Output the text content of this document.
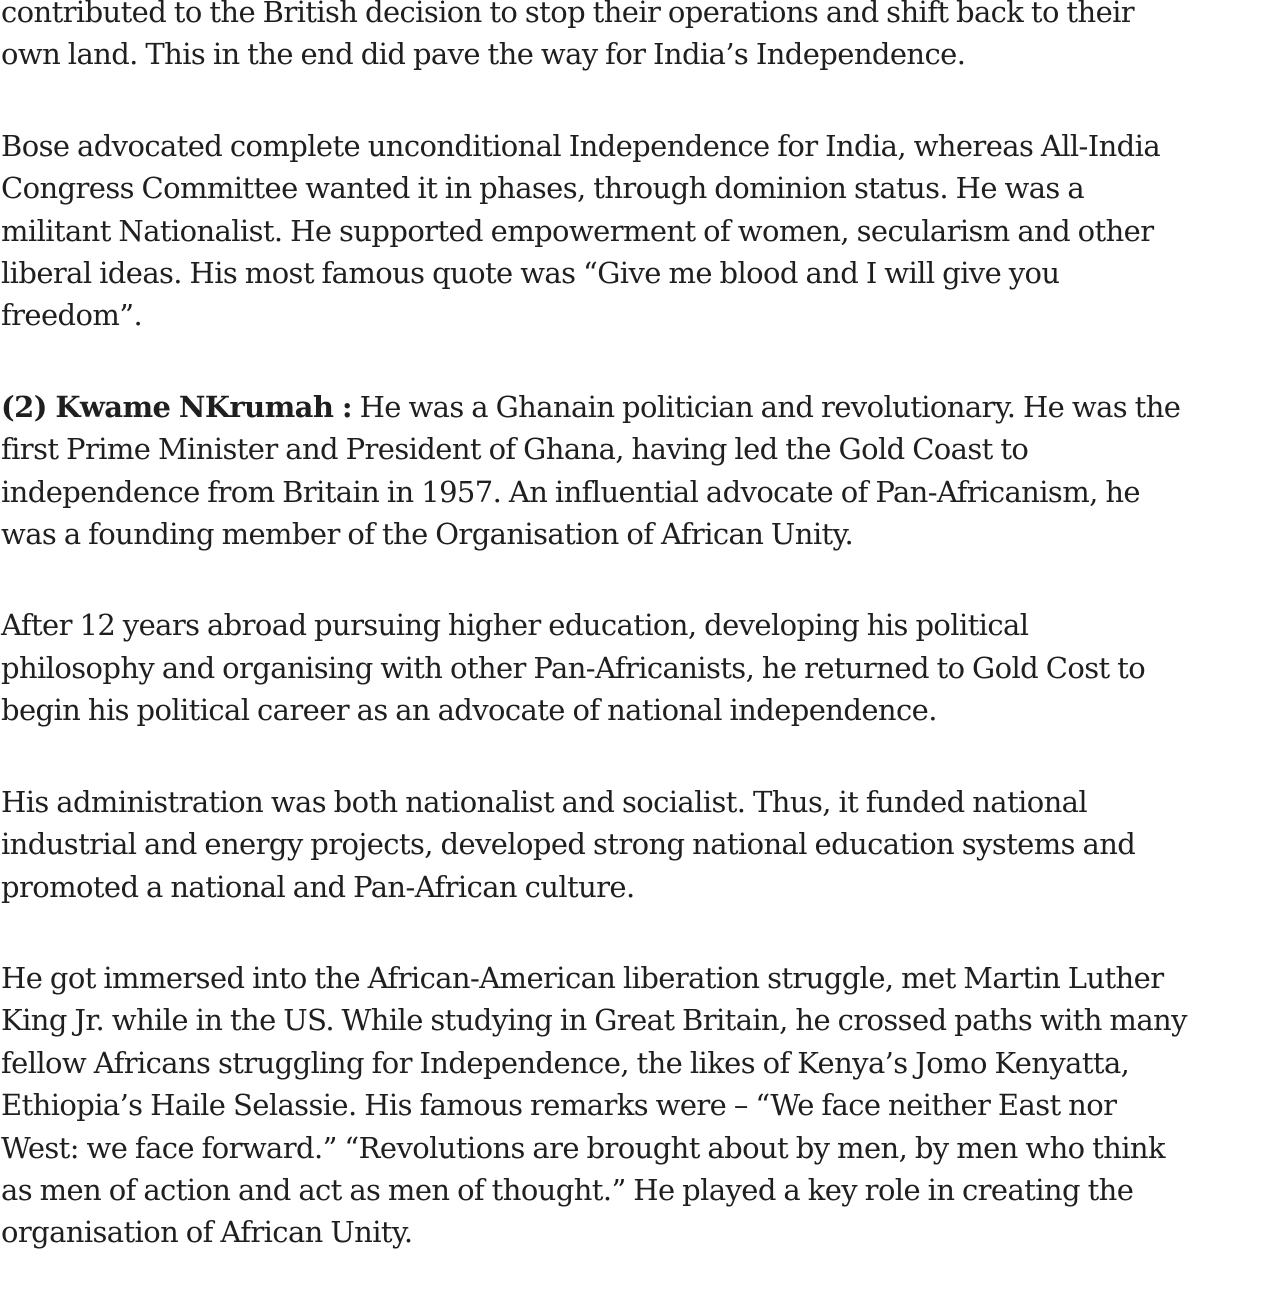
contributed to the British decision to stop their operations and shift back to their
own land. This in the end did pave the way for India’s Independence.

Bose advocated complete unconditional Independence for India, whereas All-India
Congress Committee wanted it in phases, through dominion status. He was a
militant Nationalist. He supported empowerment of women, secularism and other
liberal ideas. His most famous quote was “Give me blood and I will give you
freedom”.

(2) Kwame NKrumah : He was a Ghanain politician and revolutionary. He was the
first Prime Minister and President of Ghana, having led the Gold Coast to
independence from Britain in 1957. An influential advocate of Pan-Africanism, he
was a founding member of the Organisation of African Unity.

After 12 years abroad pursuing higher education, developing his political
philosophy and organising with other Pan-Africanists, he returned to Gold Cost to
begin his political career as an advocate of national independence.

His administration was both nationalist and socialist. Thus, it funded national
industrial and energy projects, developed strong national education systems and
promoted a national and Pan-African culture.

He got immersed into the African-American liberation struggle, met Martin Luther
King Jr. while in the US. While studying in Great Britain, he crossed paths with many
fellow Africans struggling for Independence, the likes of Kenya’s Jomo Kenyatta,
Ethiopia’s Haile Selassie. His famous remarks were – “We face neither East nor
West: we face forward.” “Revolutions are brought about by men, by men who think
as men of action and act as men of thought.” He played a key role in creating the
organisation of African Unity.
